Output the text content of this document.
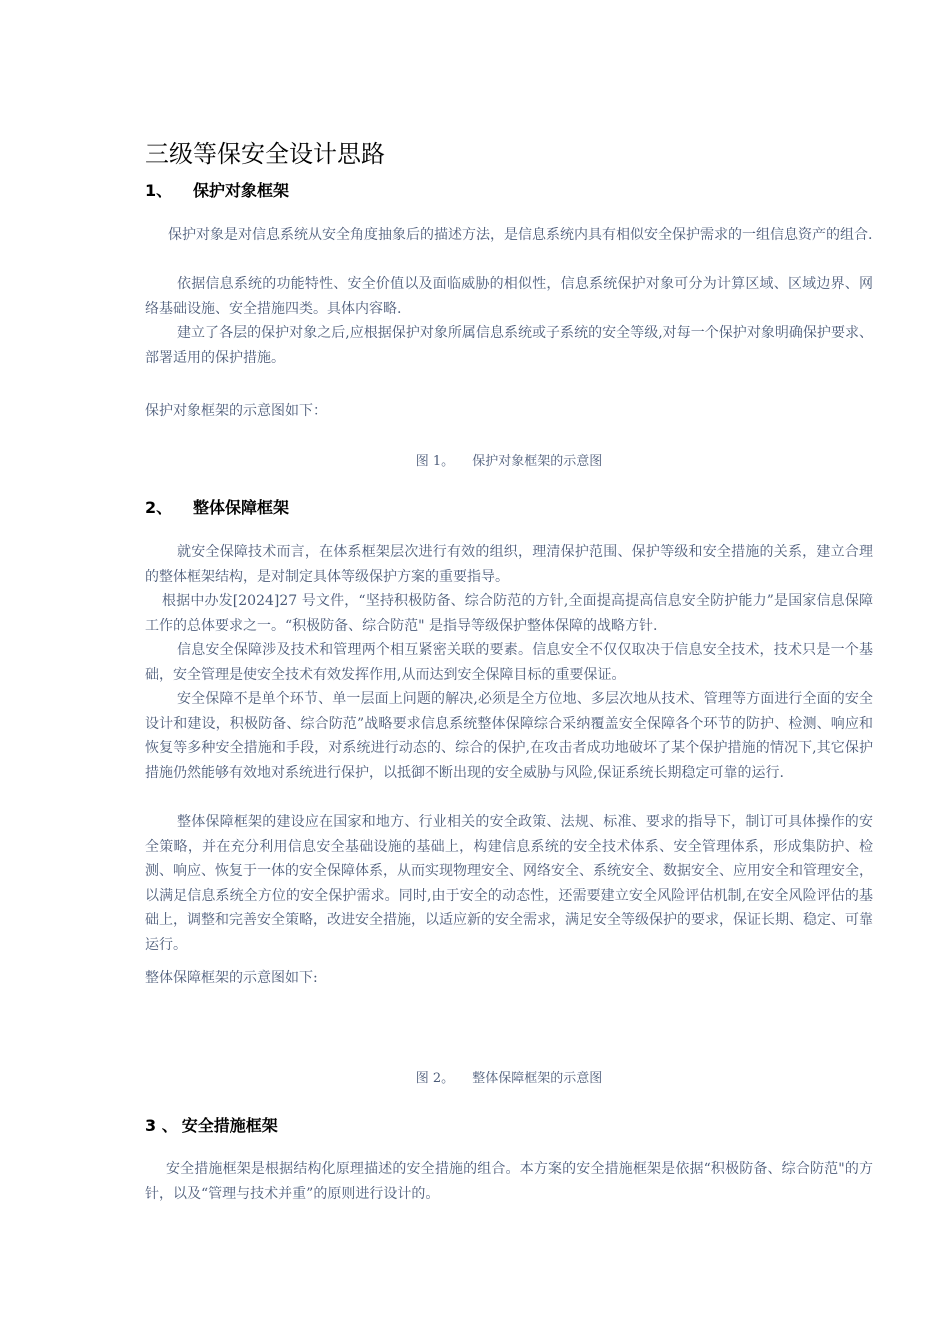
三级等保安全设计思路
1、 保护对象框架
保护对象是对信息系统从安全角度抽象后的描述方法，是信息系统内具有相似安全保护需求的一组信息资产的组合.
依据信息系统的功能特性、安全价值以及面临威胁的相似性，信息系统保护对象可分为计算区域、区域边界、网络基础设施、安全措施四类。具体内容略.
建立了各层的保护对象之后,应根据保护对象所属信息系统或子系统的安全等级,对每一个保护对象明确保护要求、部署适用的保护措施。
保护对象框架的示意图如下：
图 1。 保护对象框架的示意图
2、 整体保障框架
就安全保障技术而言，在体系框架层次进行有效的组织，理清保护范围、保护等级和安全措施的关系，建立合理的整体框架结构，是对制定具体等级保护方案的重要指导。
根据中办发[2024]27 号文件，“坚持积极防备、综合防范的方针,全面提高提高信息安全防护能力”是国家信息保障工作的总体要求之一。“积极防备、综合防范" 是指导等级保护整体保障的战略方针.
信息安全保障涉及技术和管理两个相互紧密关联的要素。信息安全不仅仅取决于信息安全技术，技术只是一个基础，安全管理是使安全技术有效发挥作用,从而达到安全保障目标的重要保证。
安全保障不是单个环节、单一层面上问题的解决,必须是全方位地、多层次地从技术、管理等方面进行全面的安全设计和建设，积极防备、综合防范”战略要求信息系统整体保障综合采纳覆盖安全保障各个环节的防护、检测、响应和恢复等多种安全措施和手段，对系统进行动态的、综合的保护,在攻击者成功地破坏了某个保护措施的情况下,其它保护措施仍然能够有效地对系统进行保护，以抵御不断出现的安全威胁与风险,保证系统长期稳定可靠的运行.
整体保障框架的建设应在国家和地方、行业相关的安全政策、法规、标准、要求的指导下，制订可具体操作的安全策略，并在充分利用信息安全基础设施的基础上，构建信息系统的安全技术体系、安全管理体系，形成集防护、检测、响应、恢复于一体的安全保障体系，从而实现物理安全、网络安全、系统安全、数据安全、应用安全和管理安全，以满足信息系统全方位的安全保护需求。同时,由于安全的动态性，还需要建立安全风险评估机制,在安全风险评估的基础上，调整和完善安全策略，改进安全措施，以适应新的安全需求，满足安全等级保护的要求，保证长期、稳定、可靠运行。
整体保障框架的示意图如下:
图 2。 整体保障框架的示意图
3 、 安全措施框架
安全措施框架是根据结构化原理描述的安全措施的组合。本方案的安全措施框架是依据“积极防备、综合防范"的方针，以及“管理与技术并重”的原则进行设计的。
